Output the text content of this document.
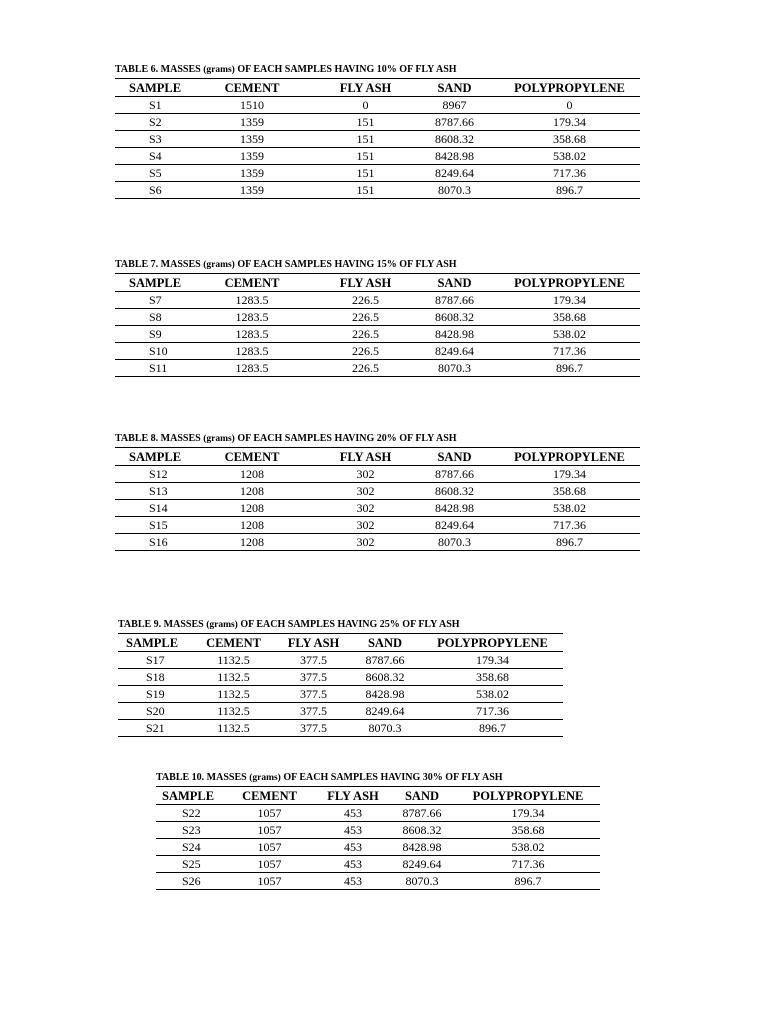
TABLE 6. MASSES (grams) OF EACH SAMPLES HAVING 10% OF FLY ASH
SAMPLE	CEMENT	FLY ASH	SAND	POLYPROPYLENE
S1	1510	0	8967	0
S2	1359	151	8787.66	179.34
S3	1359	151	8608.32	358.68
S4	1359	151	8428.98	538.02
S5	1359	151	8249.64	717.36
S6	1359	151	8070.3	896.7
TABLE 7. MASSES (grams) OF EACH SAMPLES HAVING 15% OF FLY ASH
SAMPLE	CEMENT	FLY ASH	SAND	POLYPROPYLENE
S7	1283.5	226.5	8787.66	179.34
S8	1283.5	226.5	8608.32	358.68
S9	1283.5	226.5	8428.98	538.02
S10	1283.5	226.5	8249.64	717.36
S11	1283.5	226.5	8070.3	896.7
TABLE 8. MASSES (grams) OF EACH SAMPLES HAVING 20% OF FLY ASH
SAMPLE	CEMENT	FLY ASH	SAND	POLYPROPYLENE
S12	1208	302	8787.66	179.34
S13	1208	302	8608.32	358.68
S14	1208	302	8428.98	538.02
S15	1208	302	8249.64	717.36
S16	1208	302	8070.3	896.7
TABLE 9. MASSES (grams) OF EACH SAMPLES HAVING 25% OF FLY ASH
SAMPLE	CEMENT	FLY ASH	SAND	POLYPROPYLENE
S17	1132.5	377.5	8787.66	179.34
S18	1132.5	377.5	8608.32	358.68
S19	1132.5	377.5	8428.98	538.02
S20	1132.5	377.5	8249.64	717.36
S21	1132.5	377.5	8070.3	896.7
TABLE 10. MASSES (grams) OF EACH SAMPLES HAVING 30% OF FLY ASH
SAMPLE	CEMENT	FLY ASH	SAND	POLYPROPYLENE
S22	1057	453	8787.66	179.34
S23	1057	453	8608.32	358.68
S24	1057	453	8428.98	538.02
S25	1057	453	8249.64	717.36
S26	1057	453	8070.3	896.7
